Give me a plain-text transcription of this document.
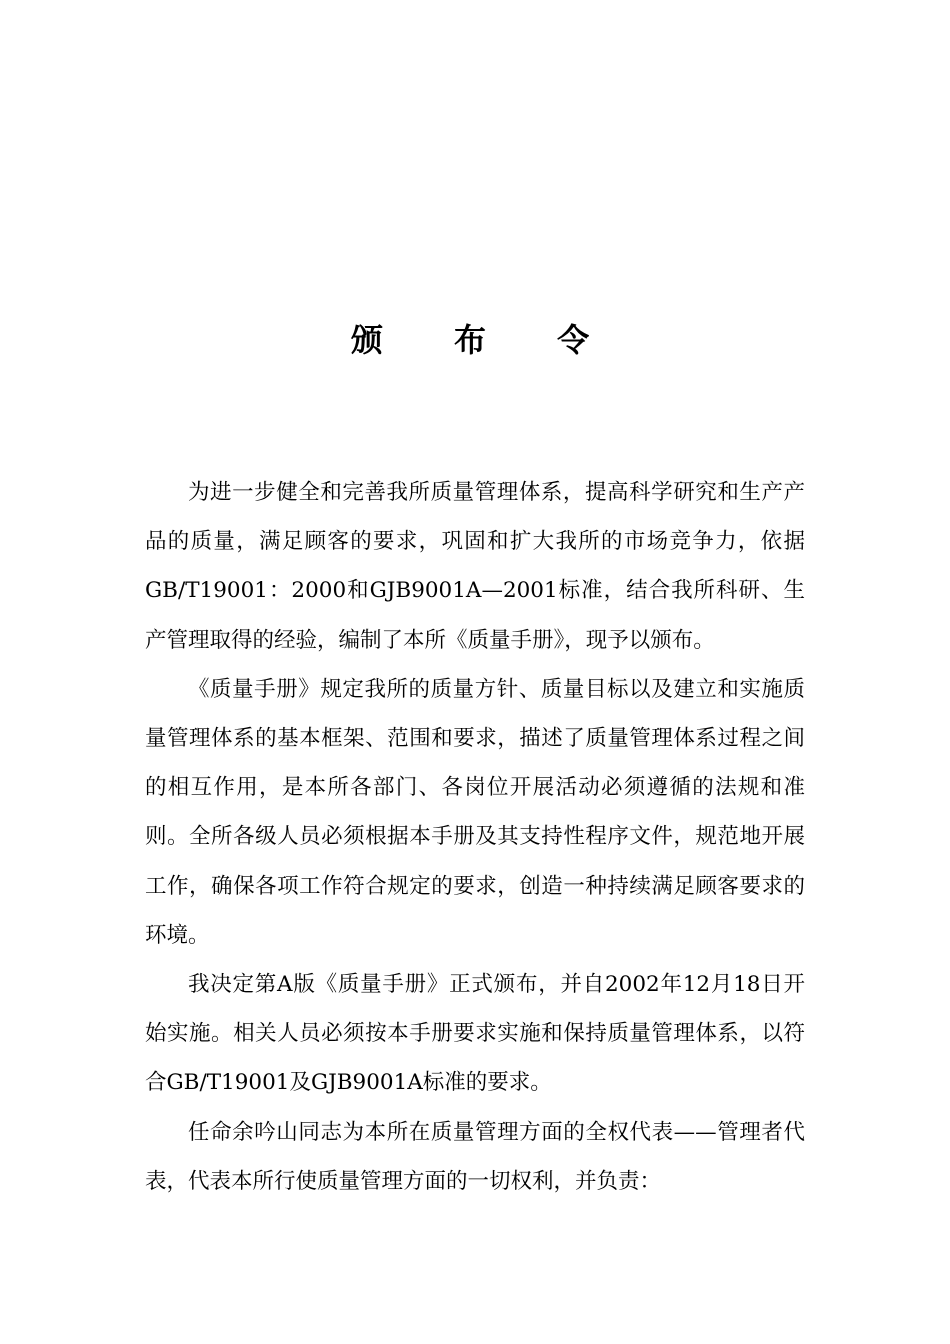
颁 布 令

为进一步健全和完善我所质量管理体系，提高科学研究和生产产品的质量，满足顾客的要求，巩固和扩大我所的市场竞争力，依据GB/T19001：2000和GJB9001A—2001标准，结合我所科研、生产管理取得的经验，编制了本所《质量手册》，现予以颁布。

《质量手册》规定我所的质量方针、质量目标以及建立和实施质量管理体系的基本框架、范围和要求，描述了质量管理体系过程之间的相互作用，是本所各部门、各岗位开展活动必须遵循的法规和准则。全所各级人员必须根据本手册及其支持性程序文件，规范地开展工作，确保各项工作符合规定的要求，创造一种持续满足顾客要求的环境。

我决定第A版《质量手册》正式颁布，并自2002年12月18日开始实施。相关人员必须按本手册要求实施和保持质量管理体系，以符合GB/T19001及GJB9001A标准的要求。

任命余吟山同志为本所在质量管理方面的全权代表——管理者代表，代表本所行使质量管理方面的一切权利，并负责：
